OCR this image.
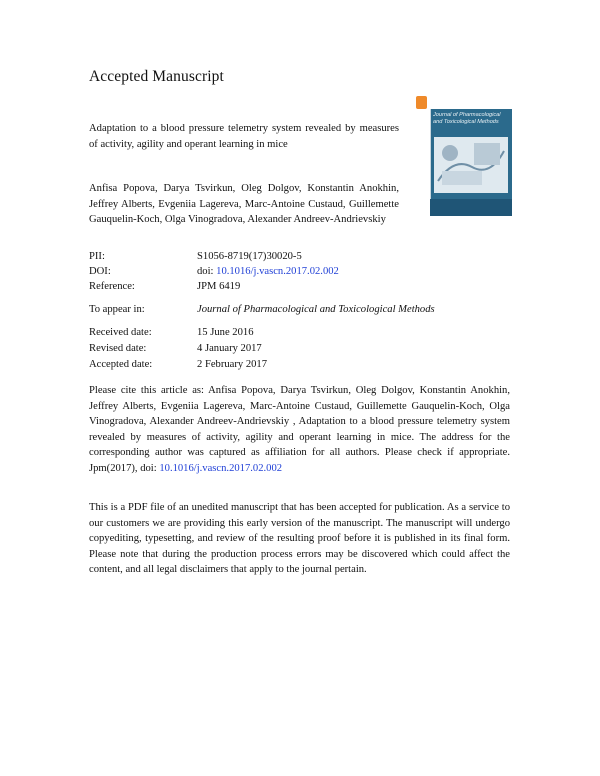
Accepted Manuscript
Adaptation to a blood pressure telemetry system revealed by measures of activity, agility and operant learning in mice
Anfisa Popova, Darya Tsvirkun, Oleg Dolgov, Konstantin Anokhin, Jeffrey Alberts, Evgeniia Lagereva, Marc-Antoine Custaud, Guillemette Gauquelin-Koch, Olga Vinogradova, Alexander Andreev-Andrievskiy
Journal of Pharmacological and Toxicological Methods
PII:	S1056-8719(17)30020-5
DOI:	doi: 10.1016/j.vascn.2017.02.002
Reference:	JPM 6419
To appear in:	Journal of Pharmacological and Toxicological Methods
Received date:	15 June 2016
Revised date:	4 January 2017
Accepted date:	2 February 2017
Please cite this article as: Anfisa Popova, Darya Tsvirkun, Oleg Dolgov, Konstantin Anokhin, Jeffrey Alberts, Evgeniia Lagereva, Marc-Antoine Custaud, Guillemette Gauquelin-Koch, Olga Vinogradova, Alexander Andreev-Andrievskiy , Adaptation to a blood pressure telemetry system revealed by measures of activity, agility and operant learning in mice. The address for the corresponding author was captured as affiliation for all authors. Please check if appropriate. Jpm(2017), doi: 10.1016/j.vascn.2017.02.002
This is a PDF file of an unedited manuscript that has been accepted for publication. As a service to our customers we are providing this early version of the manuscript. The manuscript will undergo copyediting, typesetting, and review of the resulting proof before it is published in its final form. Please note that during the production process errors may be discovered which could affect the content, and all legal disclaimers that apply to the journal pertain.
